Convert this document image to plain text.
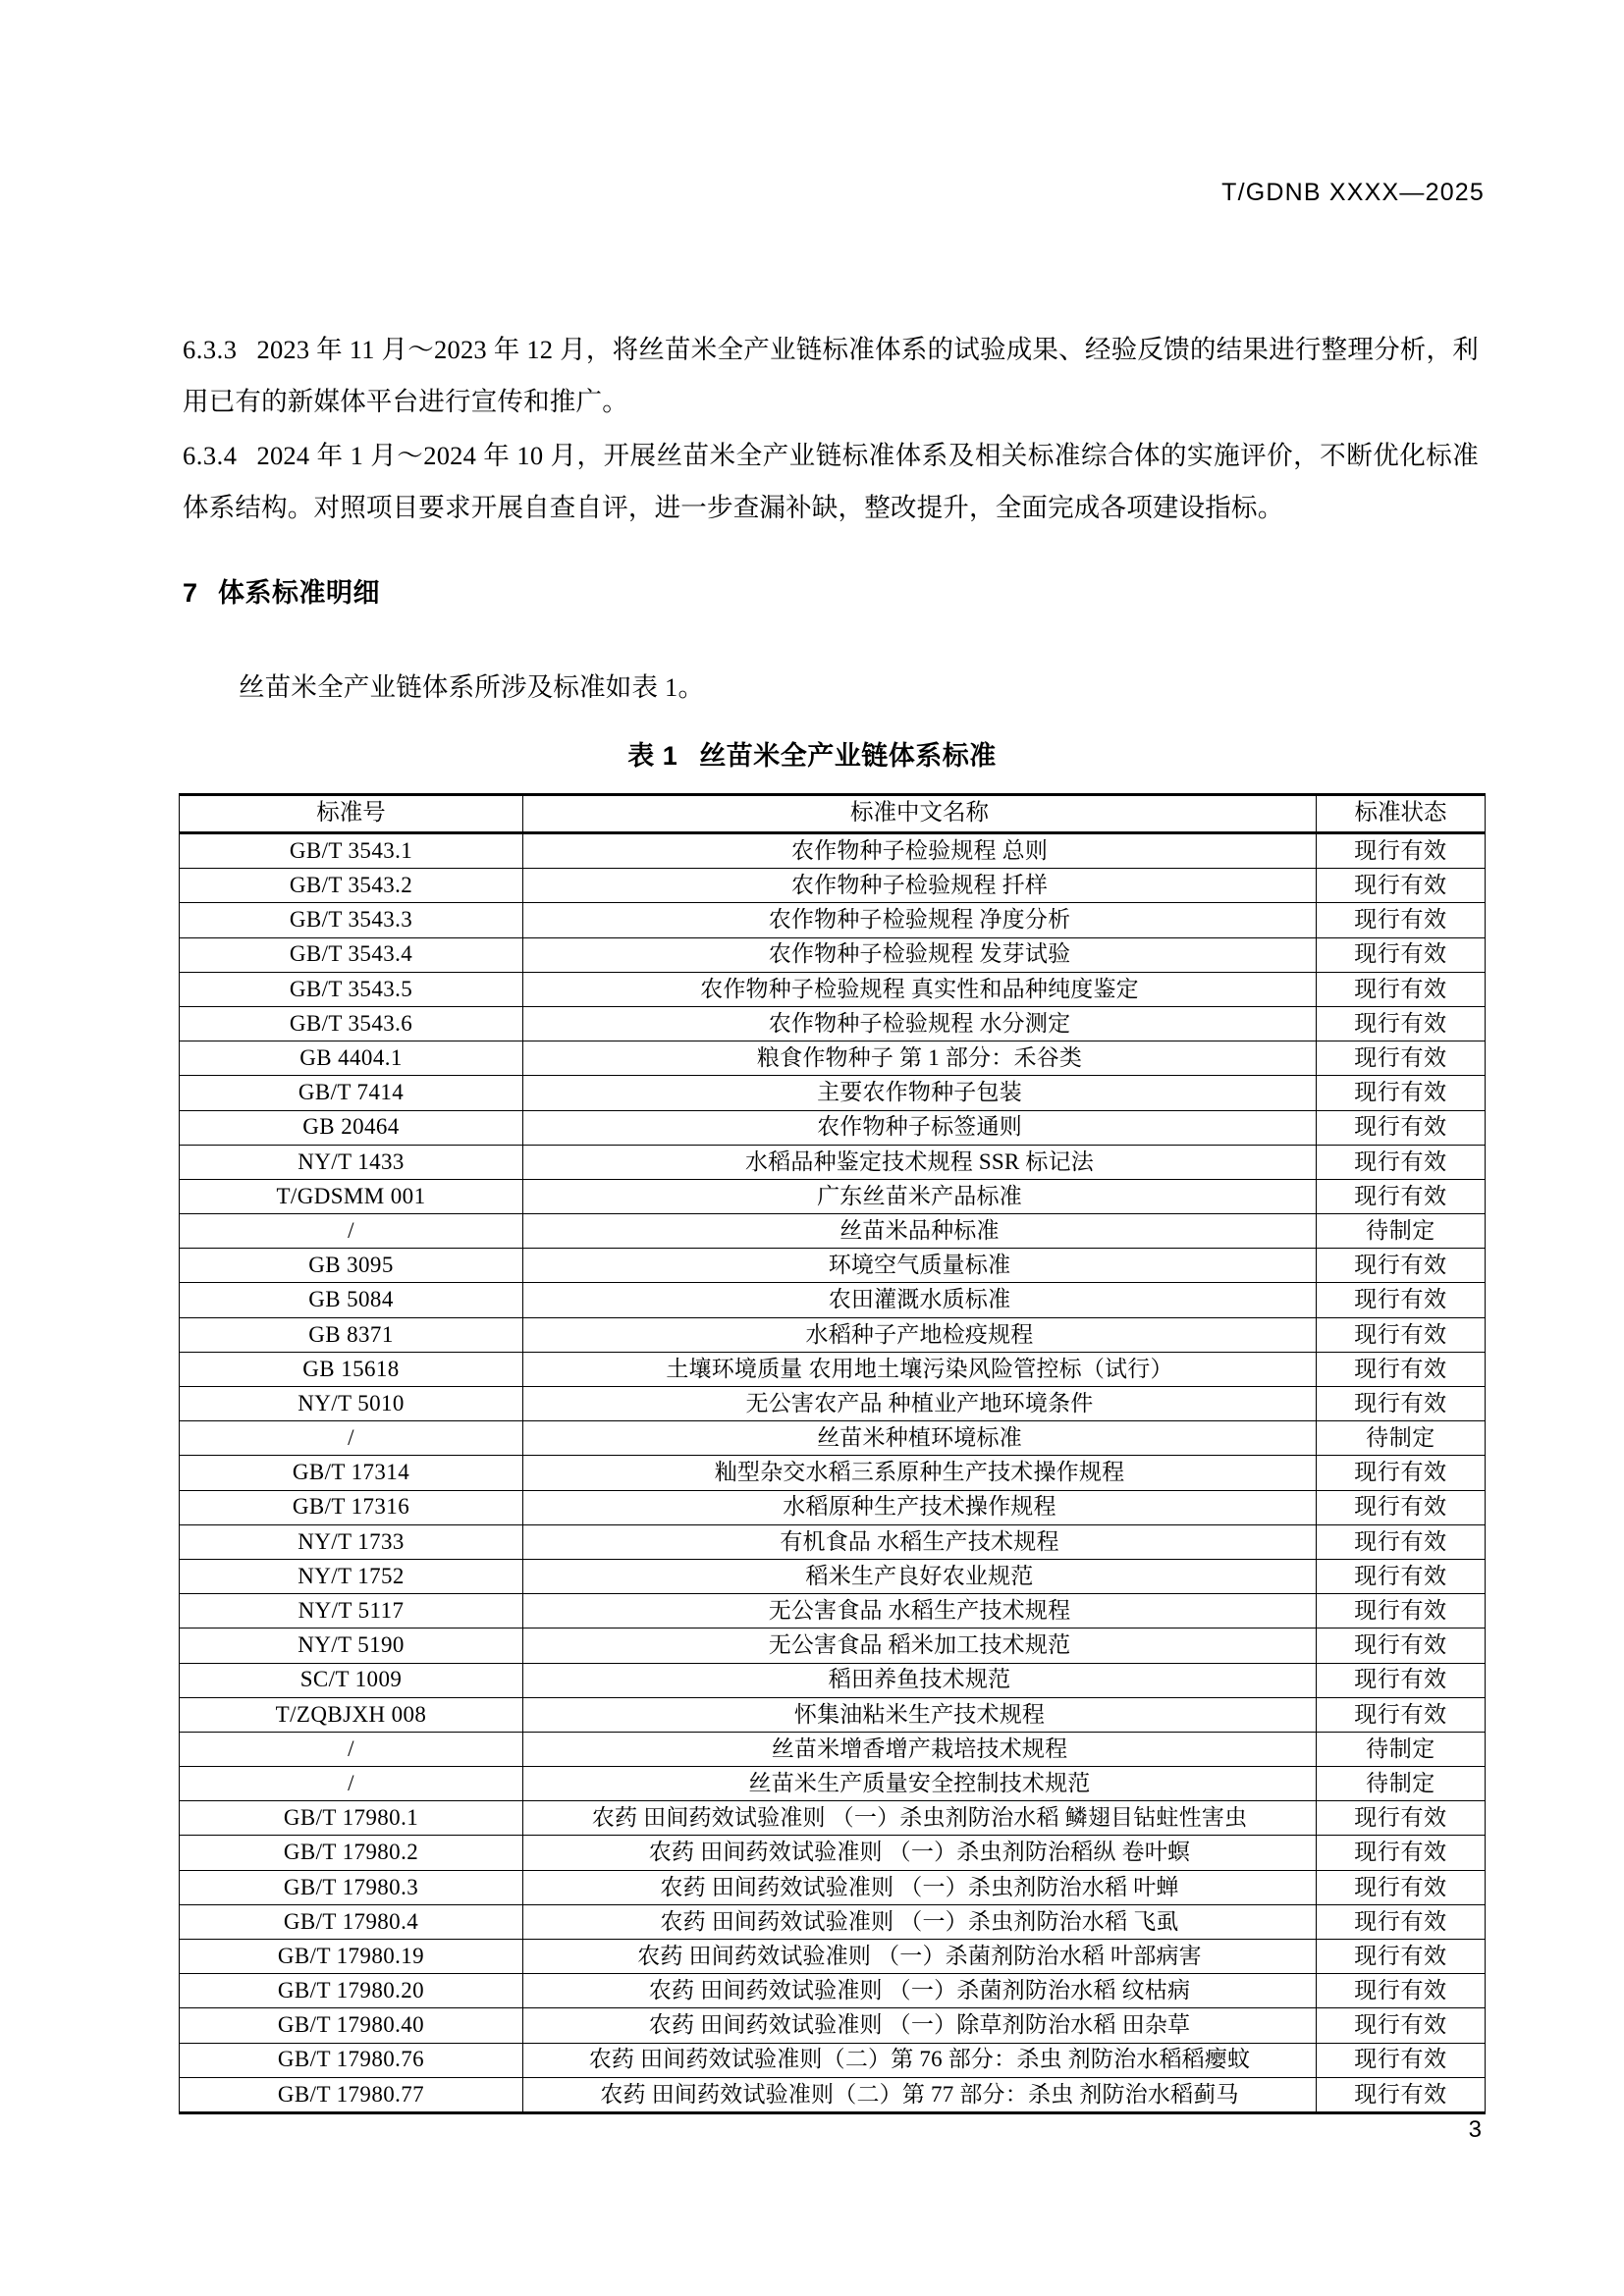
T/GDNB XXXX—2025

6.3.3 2023 年 11 月～2023 年 12 月，将丝苗米全产业链标准体系的试验成果、经验反馈的结果进行整理分析，利用已有的新媒体平台进行宣传和推广。

6.3.4 2024 年 1 月～2024 年 10 月，开展丝苗米全产业链标准体系及相关标准综合体的实施评价，不断优化标准体系结构。对照项目要求开展自查自评，进一步查漏补缺，整改提升，全面完成各项建设指标。

7 体系标准明细
丝苗米全产业链体系所涉及标准如表 1。
表 1 丝苗米全产业链体系标准
标准号	标准中文名称	标准状态
GB/T 3543.1	农作物种子检验规程 总则	现行有效
GB/T 3543.2	农作物种子检验规程 扦样	现行有效
GB/T 3543.3	农作物种子检验规程 净度分析	现行有效
GB/T 3543.4	农作物种子检验规程 发芽试验	现行有效
GB/T 3543.5	农作物种子检验规程 真实性和品种纯度鉴定	现行有效
GB/T 3543.6	农作物种子检验规程 水分测定	现行有效
GB 4404.1	粮食作物种子 第 1 部分：禾谷类	现行有效
GB/T 7414	主要农作物种子包装	现行有效
GB 20464	农作物种子标签通则	现行有效
NY/T 1433	水稻品种鉴定技术规程 SSR 标记法	现行有效
T/GDSMM 001	广东丝苗米产品标准	现行有效
/	丝苗米品种标准	待制定
GB 3095	环境空气质量标准	现行有效
GB 5084	农田灌溉水质标准	现行有效
GB 8371	水稻种子产地检疫规程	现行有效
GB 15618	土壤环境质量 农用地土壤污染风险管控标（试行）	现行有效
NY/T 5010	无公害农产品 种植业产地环境条件	现行有效
/	丝苗米种植环境标准	待制定
GB/T 17314	籼型杂交水稻三系原种生产技术操作规程	现行有效
GB/T 17316	水稻原种生产技术操作规程	现行有效
NY/T 1733	有机食品 水稻生产技术规程	现行有效
NY/T 1752	稻米生产良好农业规范	现行有效
NY/T 5117	无公害食品 水稻生产技术规程	现行有效
NY/T 5190	无公害食品 稻米加工技术规范	现行有效
SC/T 1009	稻田养鱼技术规范	现行有效
T/ZQBJXH 008	怀集油粘米生产技术规程	现行有效
/	丝苗米增香增产栽培技术规程	待制定
/	丝苗米生产质量安全控制技术规范	待制定
GB/T 17980.1	农药 田间药效试验准则 （一）杀虫剂防治水稻 鳞翅目钻蛀性害虫	现行有效
GB/T 17980.2	农药 田间药效试验准则 （一）杀虫剂防治稻纵 卷叶螟	现行有效
GB/T 17980.3	农药 田间药效试验准则 （一）杀虫剂防治水稻 叶蝉	现行有效
GB/T 17980.4	农药 田间药效试验准则 （一）杀虫剂防治水稻 飞虱	现行有效
GB/T 17980.19	农药 田间药效试验准则 （一）杀菌剂防治水稻 叶部病害	现行有效
GB/T 17980.20	农药 田间药效试验准则 （一）杀菌剂防治水稻 纹枯病	现行有效
GB/T 17980.40	农药 田间药效试验准则 （一）除草剂防治水稻 田杂草	现行有效
GB/T 17980.76	农药 田间药效试验准则（二）第 76 部分：杀虫 剂防治水稻稻瘿蚊	现行有效
GB/T 17980.77	农药 田间药效试验准则（二）第 77 部分：杀虫 剂防治水稻蓟马	现行有效
3
